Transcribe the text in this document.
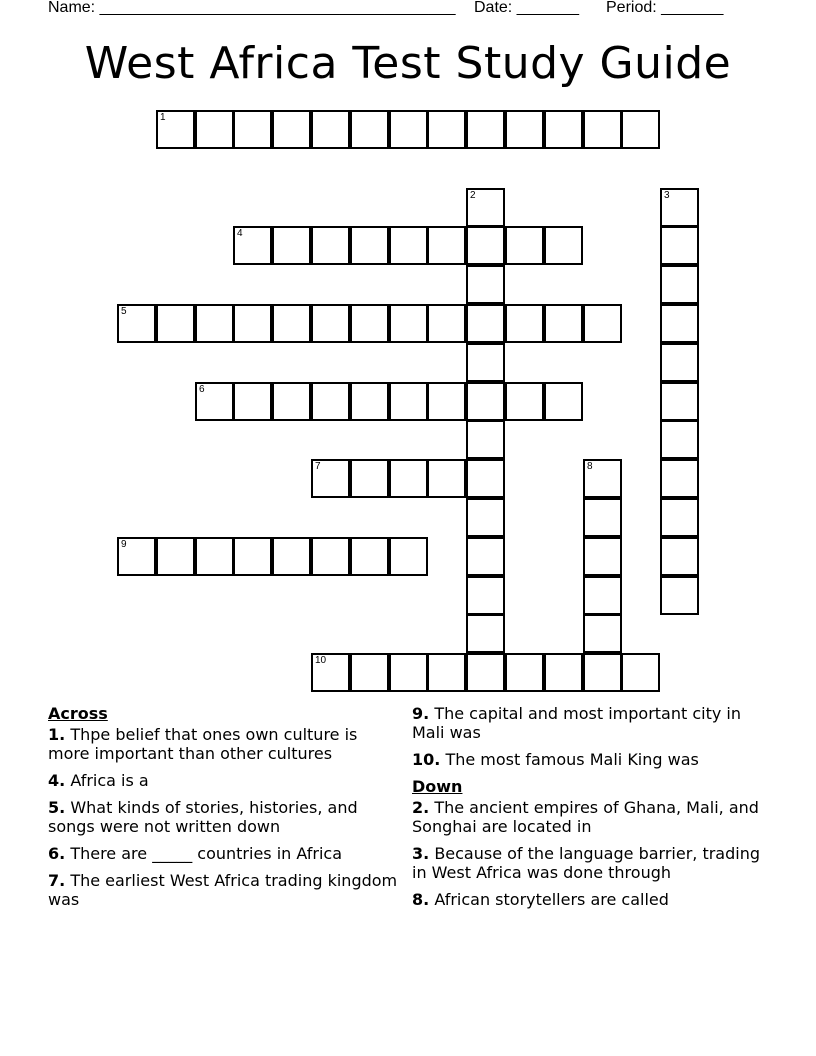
Name: ________________________________________ Date: _______ Period: _______
West Africa Test Study Guide
1
2	3
4
5
6
7	8
9
10
Across
1. Thpe belief that ones own culture is more important than other cultures
4. Africa is a
5. What kinds of stories, histories, and songs were not written down
6. There are _____ countries in Africa
7. The earliest West Africa trading kingdom was
9. The capital and most important city in Mali was
10. The most famous Mali King was
Down
2. The ancient empires of Ghana, Mali, and Songhai are located in
3. Because of the language barrier, trading in West Africa was done through
8. African storytellers are called
